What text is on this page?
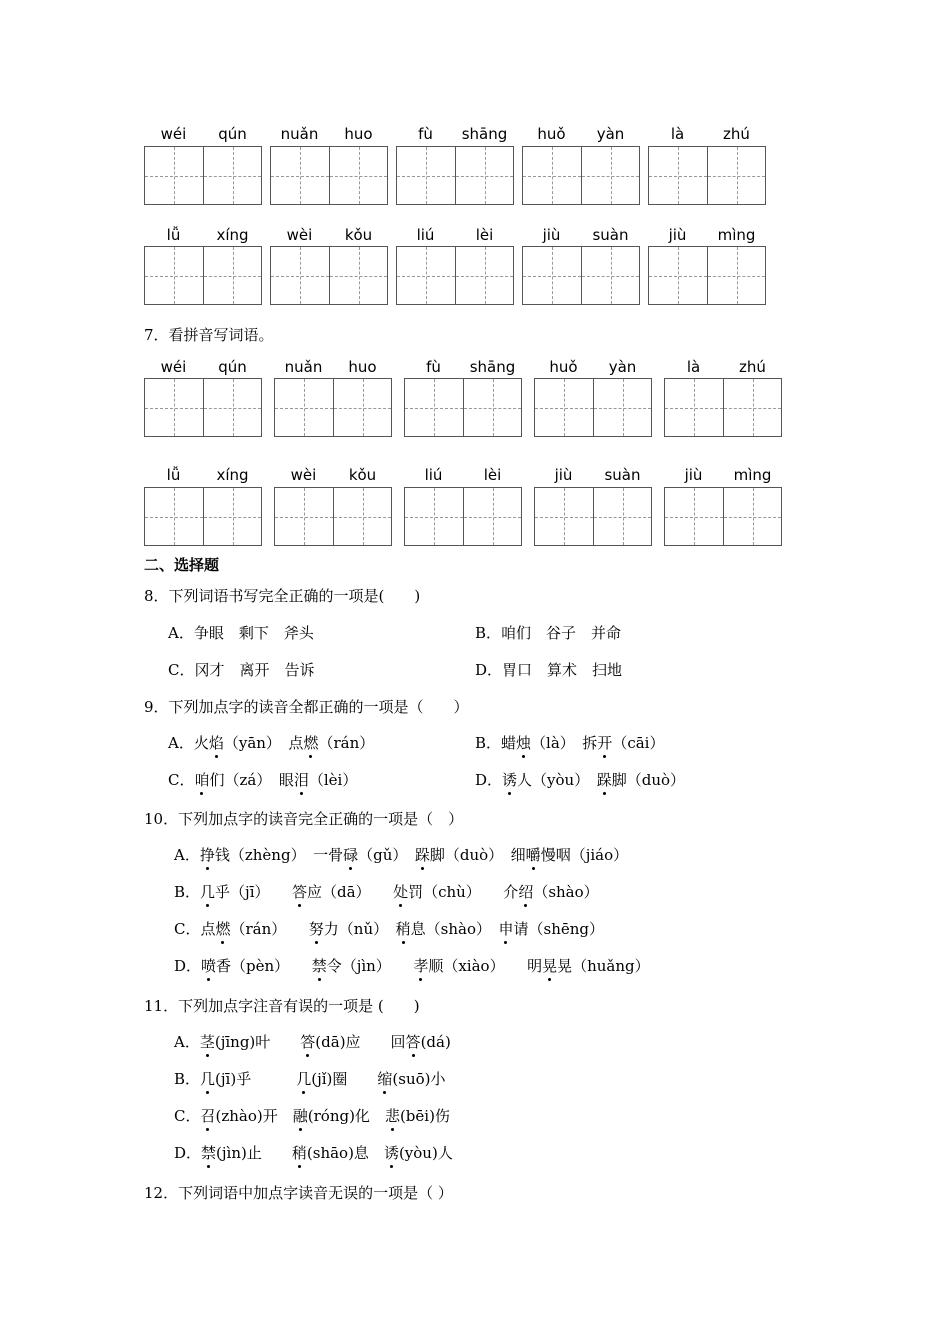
wéi	qún	nuǎn	huo	fù	shāng	huǒ	yàn	là	zhú
lǚ	xíng	wèi	kǒu	liú	lèi	jiù	suàn	jiù	mìng
7．看拼音写词语。
wéi	qún	nuǎn	huo	fù	shāng	huǒ	yàn	là	zhú
lǚ	xíng	wèi	kǒu	liú	lèi	jiù	suàn	jiù	mìng
二、选择题
8．下列词语书写完全正确的一项是(　　)
A．争眼　剩下　斧头	B．咱们　谷子　并命
C．冈才　离开　告诉	D．胃口　算术　扫地
9．下列加点字的读音全都正确的一项是（　　）
A．火焰（yān）　点燃（rán）	B．蜡烛（là）　拆开（cāi）
C．咱们（zá）　眼泪（lèi）	D．诱人（yòu）　跺脚（duò）
10．下列加点字的读音完全正确的一项是（　）
A．挣钱（zhèng）　一骨碌（gǔ）　跺脚（duò）　细嚼慢咽（jiáo）
B．几乎（jī）　　答应（dā）　　处罚（chù）　　介绍（shào）
C．点燃（rán）　　努力（nǔ）　稍息（shào）　申请（shēng）
D．喷香（pèn）　　禁令（jìn）　　孝顺（xiào）　　明晃晃（huǎng）
11．下列加点字注音有误的一项是 (　　)
A．茎(jīng)叶　　答(dā)应　　回答(dá)
B．几(jī)乎　　　几(jǐ)圈　　缩(suō)小
C．召(zhào)开　融(róng)化　悲(bēi)伤
D．禁(jìn)止　　稍(shāo)息　诱(yòu)人
12．下列词语中加点字读音无误的一项是（ ）
